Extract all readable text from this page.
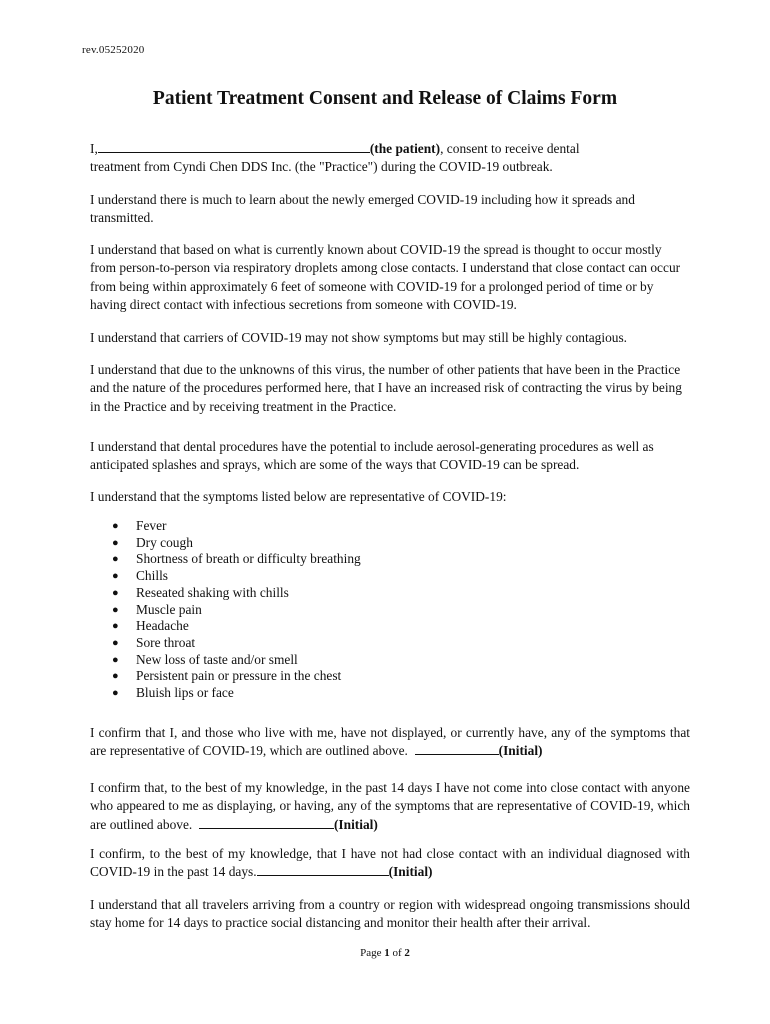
rev.05252020
Patient Treatment Consent and Release of Claims Form

I,	(the patient), consent to receive dental
treatment from Cyndi Chen DDS Inc. (the "Practice") during the COVID-19 outbreak.

I understand there is much to learn about the newly emerged COVID-19 including how it spreads and transmitted.

I understand that based on what is currently known about COVID-19 the spread is thought to occur mostly from person-to-person via respiratory droplets among close contacts. I understand that close contact can occur from being within approximately 6 feet of someone with COVID-19 for a prolonged period of time or by having direct contact with infectious secretions from someone with COVID-19.

I understand that carriers of COVID-19 may not show symptoms but may still be highly contagious.

I understand that due to the unknowns of this virus, the number of other patients that have been in the Practice and the nature of the procedures performed here, that I have an increased risk of contracting the virus by being in the Practice and by receiving treatment in the Practice.

I understand that dental procedures have the potential to include aerosol-generating procedures as well as anticipated splashes and sprays, which are some of the ways that COVID-19 can be spread.

I understand that the symptoms listed below are representative of COVID-19:

● Fever
● Dry cough
● Shortness of breath or difficulty breathing
● Chills
● Reseated shaking with chills
● Muscle pain
● Headache
● Sore throat
● New loss of taste and/or smell
● Persistent pain or pressure in the chest
● Bluish lips or face

I confirm that I, and those who live with me, have not displayed, or currently have, any of the symptoms that are representative of COVID-19, which are outlined above.	(Initial)

I confirm that, to the best of my knowledge, in the past 14 days I have not come into close contact with anyone who appeared to me as displaying, or having, any of the symptoms that are representative of COVID-19, which are outlined above.	(Initial)

I confirm, to the best of my knowledge, that I have not had close contact with an individual diagnosed with COVID-19 in the past 14 days.	(Initial)

I understand that all travelers arriving from a country or region with widespread ongoing transmissions should stay home for 14 days to practice social distancing and monitor their health after their arrival.

Page 1 of 2
